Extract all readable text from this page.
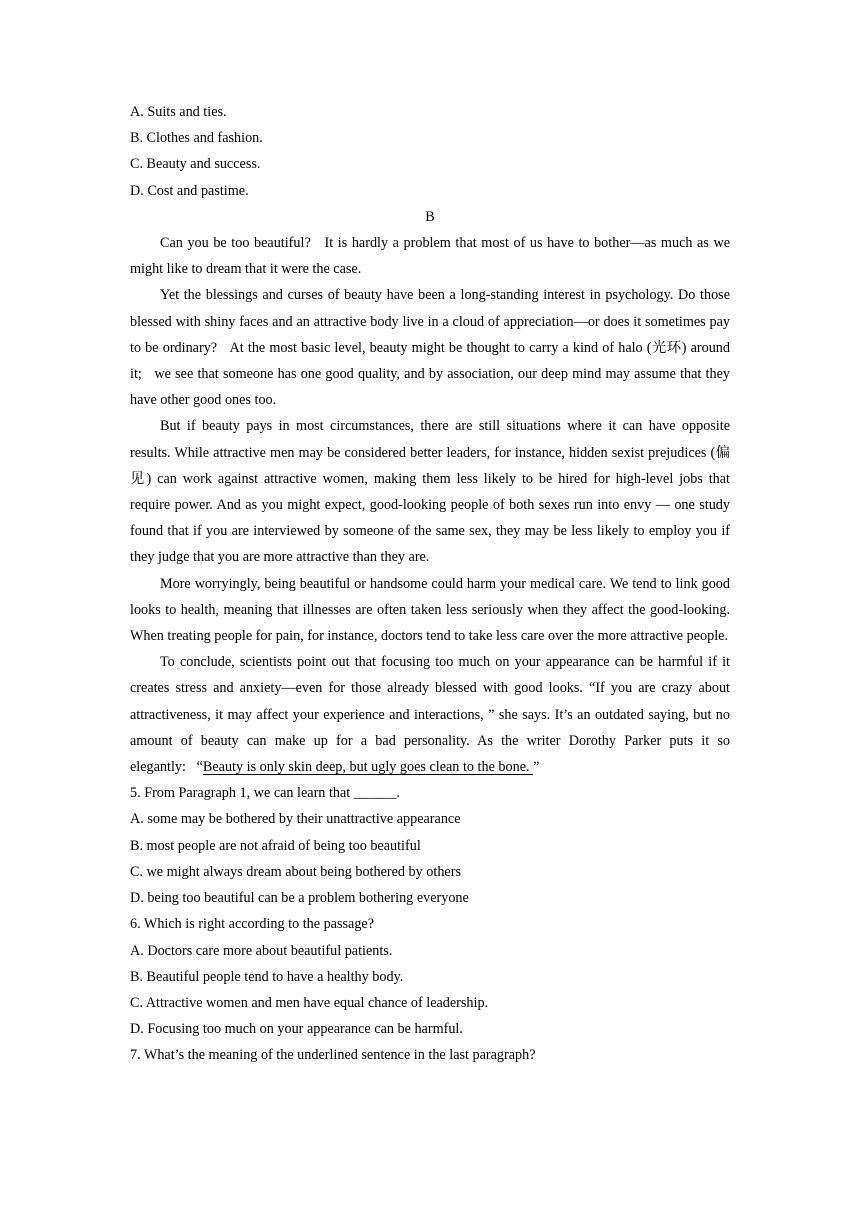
A. Suits and ties.

B. Clothes and fashion.

C. Beauty and success.

D. Cost and pastime.

B

Can you be too beautiful?   It is hardly a problem that most of us have to bother—as much as we might like to dream that it were the case.

Yet the blessings and curses of beauty have been a long-standing interest in psychology. Do those blessed with shiny faces and an attractive body live in a cloud of appreciation—or does it sometimes pay to be ordinary?   At the most basic level, beauty might be thought to carry a kind of halo (光环) around it;   we see that someone has one good quality, and by association, our deep mind may assume that they have other good ones too.

But if beauty pays in most circumstances, there are still situations where it can have opposite results. While attractive men may be considered better leaders, for instance, hidden sexist prejudices (偏见) can work against attractive women, making them less likely to be hired for high-level jobs that require power. And as you might expect, good-looking people of both sexes run into envy — one study found that if you are interviewed by someone of the same sex, they may be less likely to employ you if they judge that you are more attractive than they are.

More worryingly, being beautiful or handsome could harm your medical care. We tend to link good looks to health, meaning that illnesses are often taken less seriously when they affect the good-looking. When treating people for pain, for instance, doctors tend to take less care over the more attractive people.

To conclude, scientists point out that focusing too much on your appearance can be harmful if it creates stress and anxiety—even for those already blessed with good looks. “If you are crazy about attractiveness, it may affect your experience and interactions, ” she says. It’s an outdated saying, but no amount of beauty can make up for a bad personality. As the writer Dorothy Parker puts it so elegantly:   “Beauty is only skin deep, but ugly goes clean to the bone. ”

5. From Paragraph 1, we can learn that ______.

A. some may be bothered by their unattractive appearance

B. most people are not afraid of being too beautiful

C. we might always dream about being bothered by others

D. being too beautiful can be a problem bothering everyone

6. Which is right according to the passage?

A. Doctors care more about beautiful patients.

B. Beautiful people tend to have a healthy body.

C. Attractive women and men have equal chance of leadership.

D. Focusing too much on your appearance can be harmful.

7. What’s the meaning of the underlined sentence in the last paragraph?
